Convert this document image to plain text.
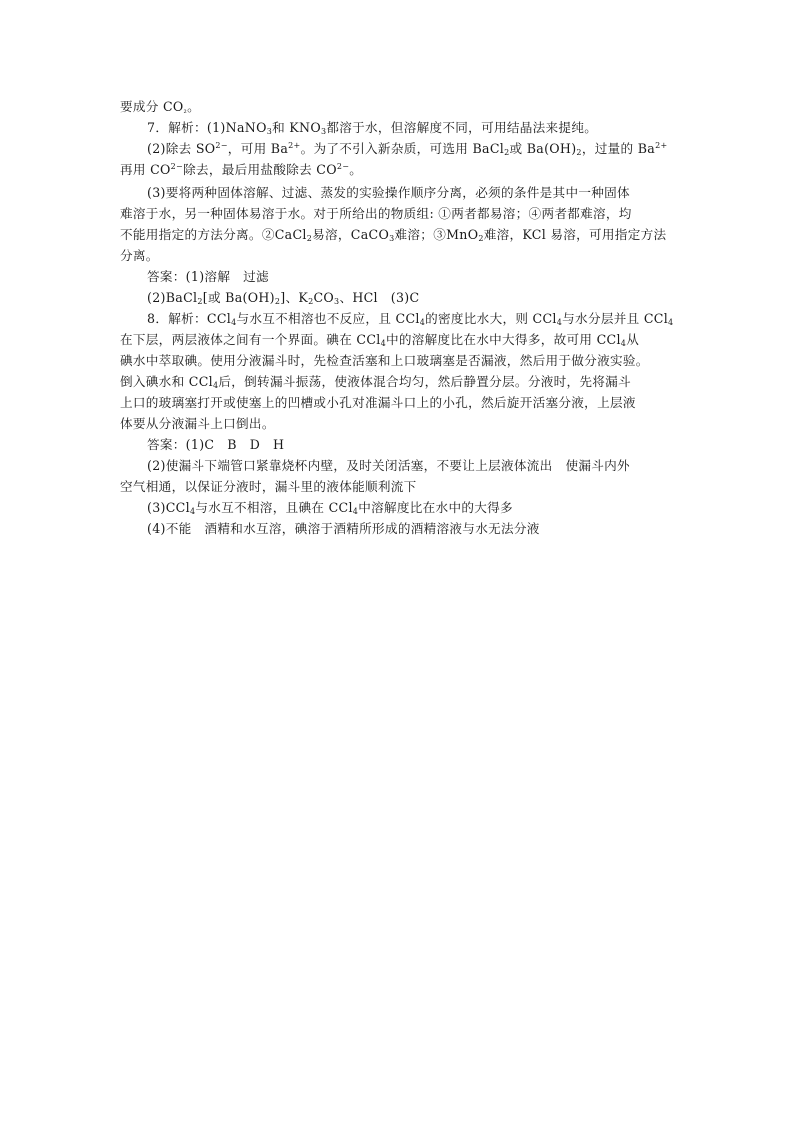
要成分 $CO_{_2}$。
7．解析：(1)NaNO$_3$和 $KNO_3$都溶于水，但溶解度不同，可用结晶法来提纯。
(2)除去 $SO^{2-}$，可用 $Ba^{2+}$。为了不引入新杂质，可选用 BaCl$_2$或 $Ba(OH)_2$，过量的 $Ba^{2+}$
再用 $CO^{2-}$除去，最后用盐酸除去 $CO^{2-}$。
(3)要将两种固体溶解、过滤、蒸发的实验操作顺序分离，必须的条件是其中一种固体
难溶于水，另一种固体易溶于水。对于所给出的物质组: ①两者都易溶；④两者都难溶，均
不能用指定的方法分离。②CaCl$_2$易溶，CaCO$_3$难溶；③MnO$_2$难溶，KCl 易溶，可用指定方法
分离。
答案：(1)溶解　过滤
(2)BaCl$_2$[或 $Ba(OH)_2$]、$K_2CO_3$、HCl　(3)C
8．解析：CCl$_4$与水互不相溶也不反应，且 CCl$_4$的密度比水大，则 CCl$_4$与水分层并且 CCl$_4$
在下层，两层液体之间有一个界面。碘在 CCl$_4$中的溶解度比在水中大得多，故可用 CCl$_4$从
碘水中萃取碘。使用分液漏斗时，先检查活塞和上口玻璃塞是否漏液，然后用于做分液实验。
倒入碘水和 CCl$_4$后，倒转漏斗振荡，使液体混合均匀，然后静置分层。分液时，先将漏斗
上口的玻璃塞打开或使塞上的凹槽或小孔对准漏斗口上的小孔，然后旋开活塞分液，上层液
体要从分液漏斗上口倒出。
答案：(1)C　B　D　H
(2)使漏斗下端管口紧靠烧杯内壁，及时关闭活塞，不要让上层液体流出　使漏斗内外
空气相通，以保证分液时，漏斗里的液体能顺利流下
(3)CCl$_4$与水互不相溶，且碘在 CCl$_4$中溶解度比在水中的大得多
(4)不能　酒精和水互溶，碘溶于酒精所形成的酒精溶液与水无法分液
